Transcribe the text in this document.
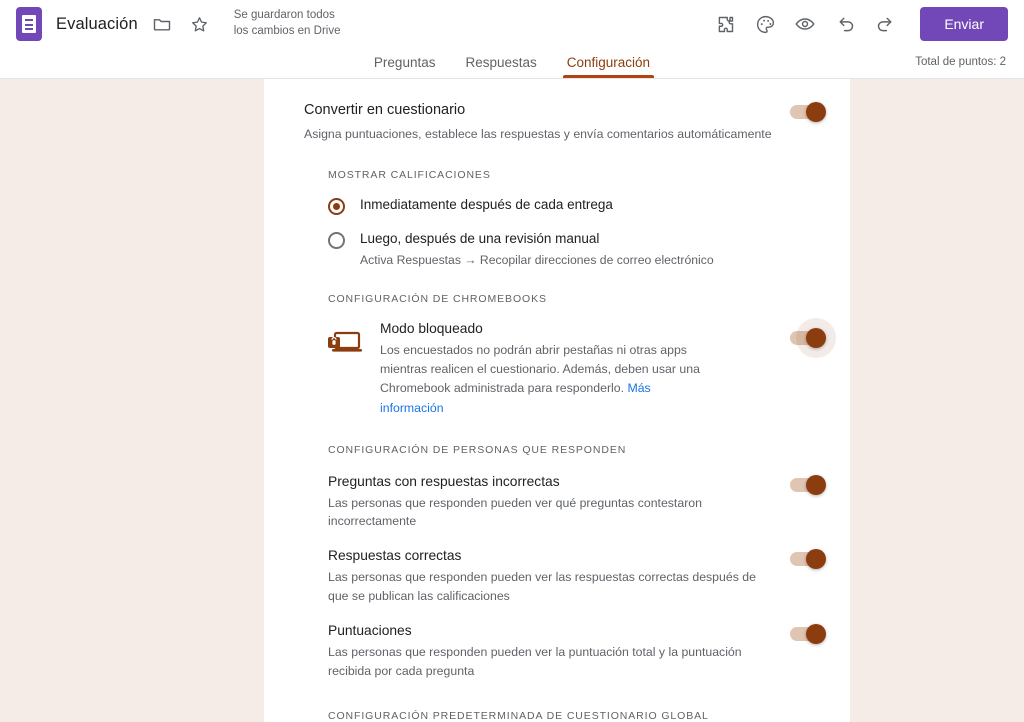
Evaluación	Se guardaron todos los cambios en Drive	Enviar
Preguntas Respuestas Configuración	Total de puntos: 2
Convertir en cuestionario
Asigna puntuaciones, establece las respuestas y envía comentarios automáticamente
MOSTRAR CALIFICACIONES
Inmediatamente después de cada entrega
Luego, después de una revisión manual
Activa Respuestas → Recopilar direcciones de correo electrónico
CONFIGURACIÓN DE CHROMEBOOKS
Modo bloqueado
Los encuestados no podrán abrir pestañas ni otras apps mientras realicen el cuestionario. Además, deben usar una Chromebook administrada para responderlo. Más información
CONFIGURACIÓN DE PERSONAS QUE RESPONDEN
Preguntas con respuestas incorrectas
Las personas que responden pueden ver qué preguntas contestaron incorrectamente
Respuestas correctas
Las personas que responden pueden ver las respuestas correctas después de que se publican las calificaciones
Puntuaciones
Las personas que responden pueden ver la puntuación total y la puntuación recibida por cada pregunta
CONFIGURACIÓN PREDETERMINADA DE CUESTIONARIO GLOBAL
